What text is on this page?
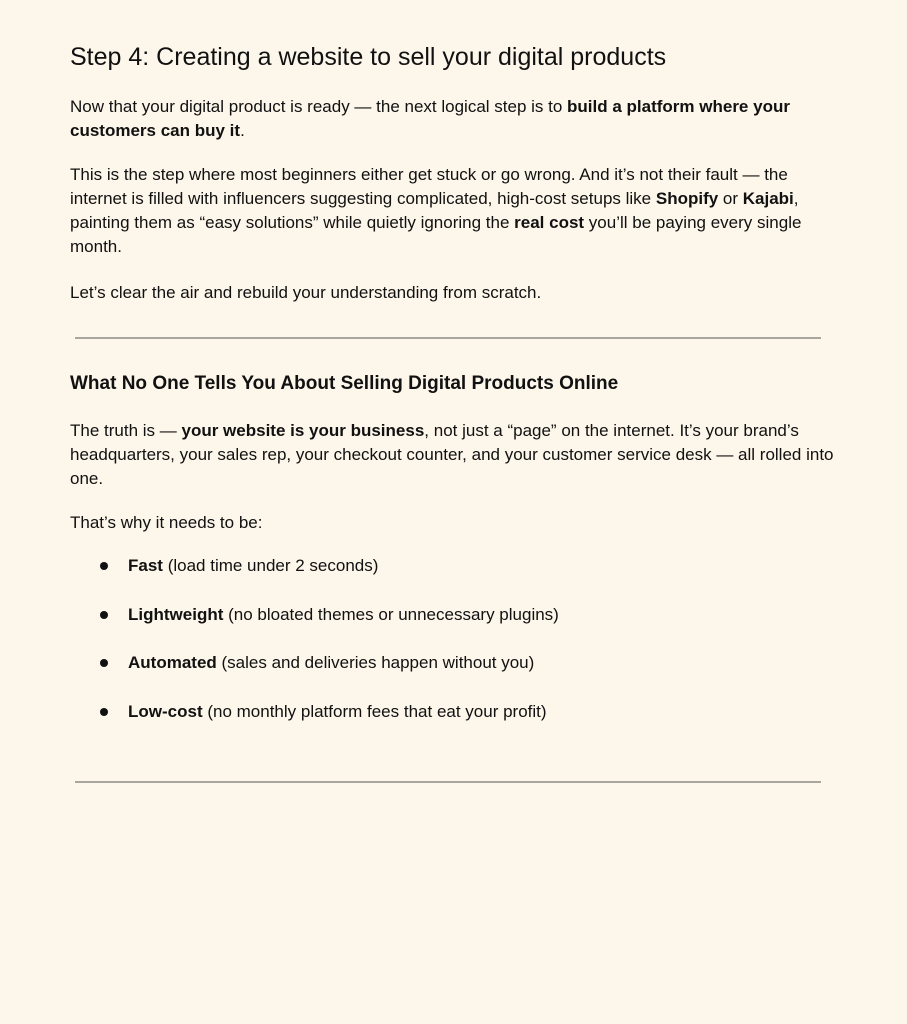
Step 4: Creating a website to sell your digital products

Now that your digital product is ready — the next logical step is to build a platform where your customers can buy it.

This is the step where most beginners either get stuck or go wrong. And it’s not their fault — the internet is filled with influencers suggesting complicated, high-cost setups like Shopify or Kajabi, painting them as “easy solutions” while quietly ignoring the real cost you’ll be paying every single month.

Let’s clear the air and rebuild your understanding from scratch.

What No One Tells You About Selling Digital Products Online

The truth is — your website is your business, not just a “page” on the internet. It’s your brand’s headquarters, your sales rep, your checkout counter, and your customer service desk — all rolled into one.

That’s why it needs to be:

Fast (load time under 2 seconds)
Lightweight (no bloated themes or unnecessary plugins)
Automated (sales and deliveries happen without you)
Low-cost (no monthly platform fees that eat your profit)
